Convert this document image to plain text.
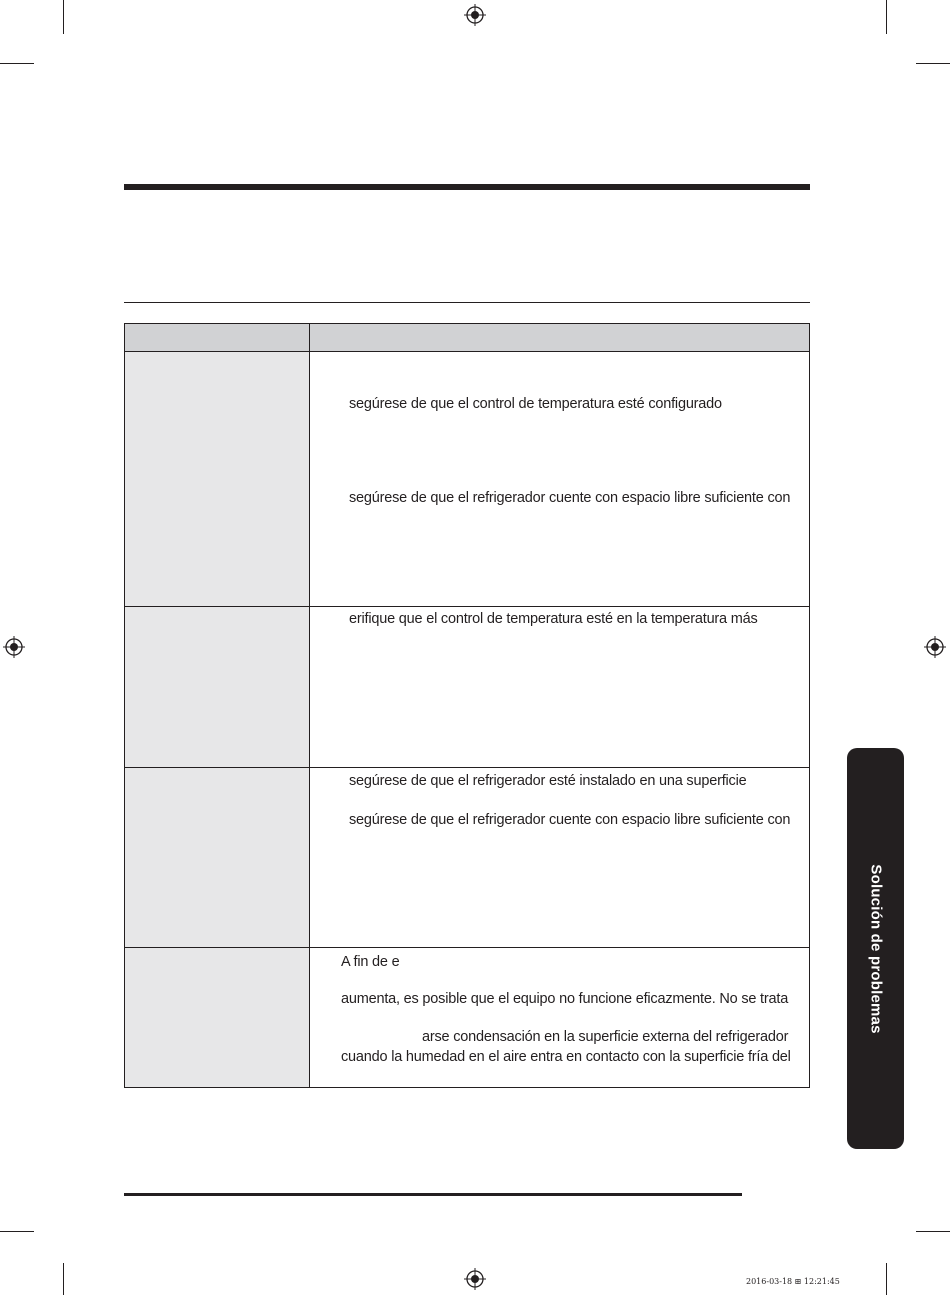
	segúrese de que el control de temperatura esté configurado
segúrese de que el refrigerador cuente con espacio libre suficiente con

	erifique que el control de temperatura esté en la temperatura más

	segúrese de que el refrigerador esté instalado en una superficie
segúrese de que el refrigerador cuente con espacio libre suficiente con

	A fin de e
aumenta, es posible que el equipo no funcione eficazmente. No se trata
arse condensación en la superficie externa del refrigerador
cuando la humedad en el aire entra en contacto con la superficie fría del
Solución de problemas
2016-03-18 ⊞ 12:21:45
